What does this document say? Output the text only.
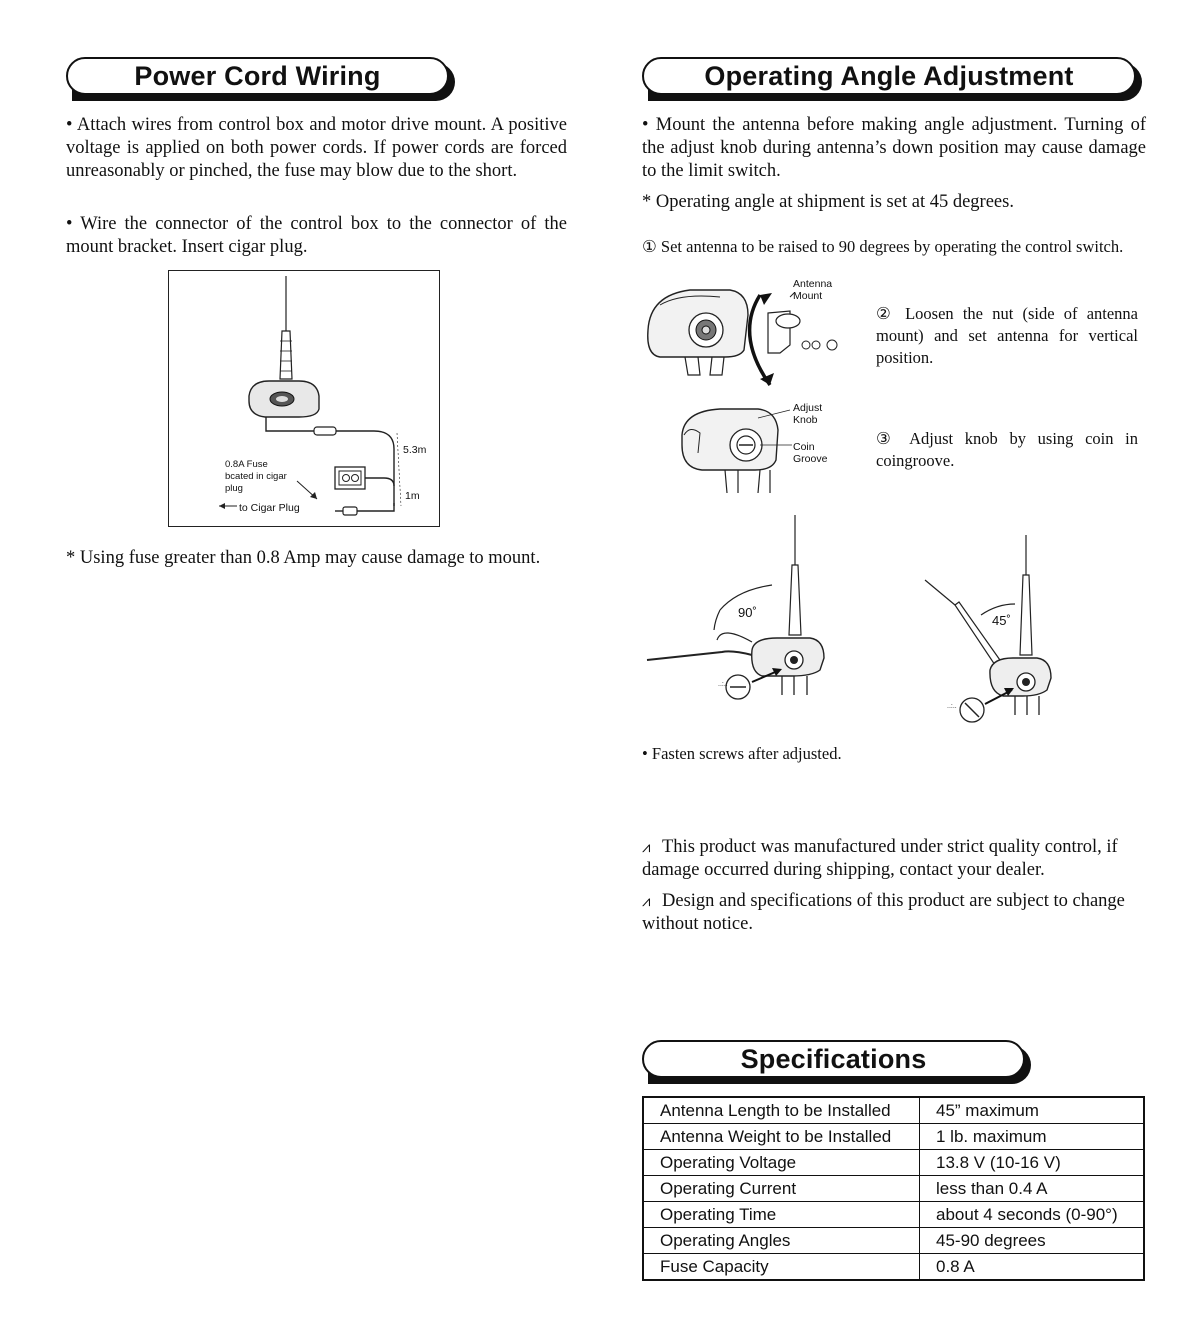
Power Cord Wiring

• Attach wires from control box and motor drive mount. A positive voltage is applied on both power cords. If power cords are forced unreasonably or pinched, the fuse may blow due to the short.

• Wire the connector of the control box to the connector of the mount bracket. Insert cigar plug.

5.3m
1m
0.8A Fuse
bcated in cigar
plug
to Cigar Plug

* Using fuse greater than 0.8 Amp may cause damage to mount.

Operating Angle Adjustment

• Mount the antenna before making angle adjustment. Turning of the adjust knob during antenna’s down position may cause damage to the limit switch.

* Operating angle at shipment is set at 45 degrees.

① Set antenna to be raised to 90 degrees by operating the control switch.

Antenna
Mount
Adjust
Knob
Coin
Groove

② Loosen the nut (side of antenna mount) and set antenna for vertical position.

③ Adjust knob by using coin in coingroove.

..:..
90˚
..:..
45˚

• Fasten screws after adjusted.

⩘ This product was manufactured under strict quality control, if damage occurred during shipping, contact your dealer.

⩘ Design and specifications of this product are subject to change without notice.

Specifications
Antenna Length to be Installed	45” maximum
Antenna Weight to be Installed	1 lb. maximum
Operating Voltage	13.8 V (10-16 V)
Operating Current	less than 0.4 A
Operating Time	about 4 seconds (0-90°)
Operating Angles	45-90 degrees
Fuse Capacity	0.8 A
